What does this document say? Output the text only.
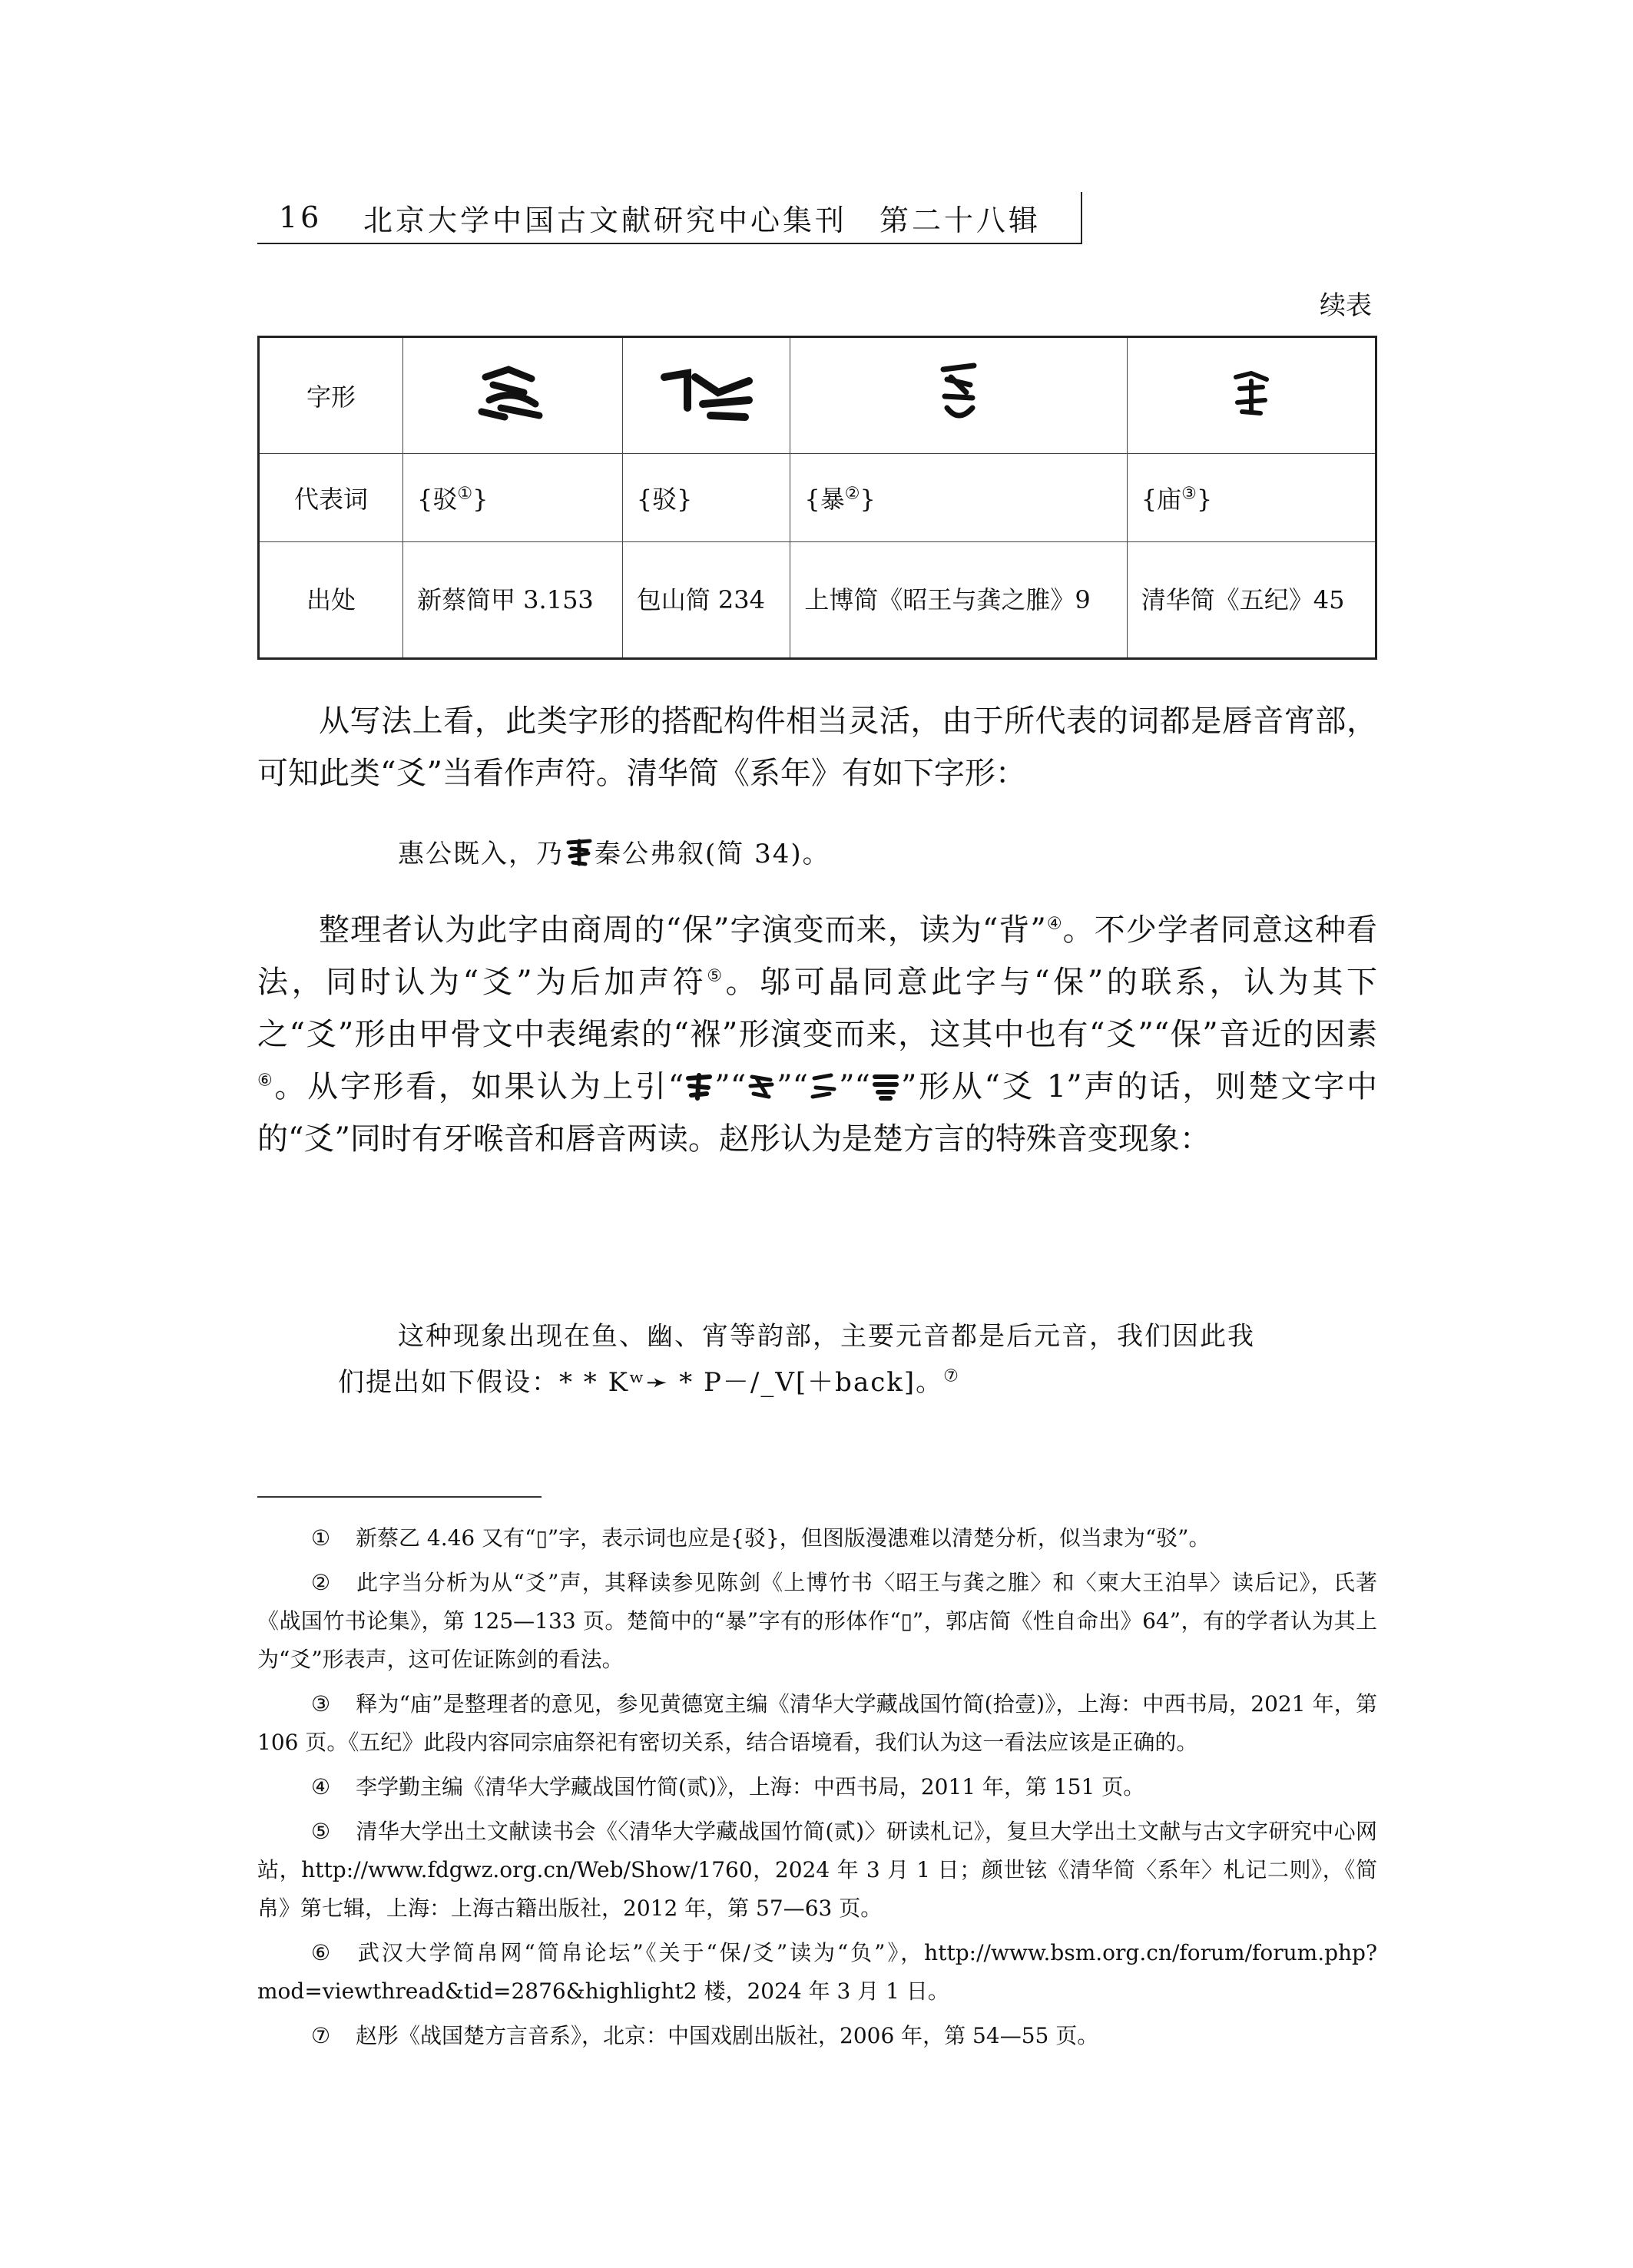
16	北京大学中国古文献研究中心集刊　第二十八辑
续表
字形				
代表词	{驳①}	{驳}	{暴②}	{庙③}
出处	新蔡简甲 3.153	包山简 234	上博简《昭王与龚之脽》9	清华简《五纪》45
从写法上看，此类字形的搭配构件相当灵活，由于所代表的词都是唇音宵部，可知此类“爻”当看作声符。清华简《系年》有如下字形：
惠公既入，乃 秦公弗叙(简 34)。
整理者认为此字由商周的“保”字演变而来，读为“背”④。不少学者同意这种看法，同时认为“爻”为后加声符⑤。邬可晶同意此字与“保”的联系，认为其下之“爻”形由甲骨文中表绳索的“褓”形演变而来，这其中也有“爻”“保”音近的因素⑥。从字形看，如果认为上引“ ”“ ”“ ”“ ”形从“爻 1”声的话，则楚文字中的“爻”同时有牙喉音和唇音两读。赵彤认为是楚方言的特殊音变现象：
这种现象出现在鱼、幽、宵等韵部，主要元音都是后元音，我们因此我
们提出如下假设：* * Kʷ➛ * P－/_V[＋back]。⑦
① 新蔡乙 4.46 又有“▯”字，表示词也应是{驳}，但图版漫漶难以清楚分析，似当隶为“驳”。
② 此字当分析为从“爻”声，其释读参见陈剑《上博竹书〈昭王与龚之脽〉和〈柬大王泊旱〉读后记》，氏著《战国竹书论集》，第 125—133 页。楚简中的“暴”字有的形体作“▯”，郭店简《性自命出》64”，有的学者认为其上为“爻”形表声，这可佐证陈剑的看法。
③ 释为“庙”是整理者的意见，参见黄德宽主编《清华大学藏战国竹简(拾壹)》，上海：中西书局，2021 年，第 106 页。《五纪》此段内容同宗庙祭祀有密切关系，结合语境看，我们认为这一看法应该是正确的。
④ 李学勤主编《清华大学藏战国竹简(贰)》，上海：中西书局，2011 年，第 151 页。
⑤ 清华大学出土文献读书会《〈清华大学藏战国竹简(贰)〉研读札记》，复旦大学出土文献与古文字研究中心网站，http://www.fdgwz.org.cn/Web/Show/1760，2024 年 3 月 1 日；颜世铉《清华简〈系年〉札记二则》，《简帛》第七辑，上海：上海古籍出版社，2012 年，第 57—63 页。
⑥ 武汉大学简帛网“简帛论坛”《关于“保/爻”读为“负”》，http://www.bsm.org.cn/forum/forum.php? mod=viewthread&tid=2876&highlight2 楼，2024 年 3 月 1 日。
⑦ 赵彤《战国楚方言音系》，北京：中国戏剧出版社，2006 年，第 54—55 页。
